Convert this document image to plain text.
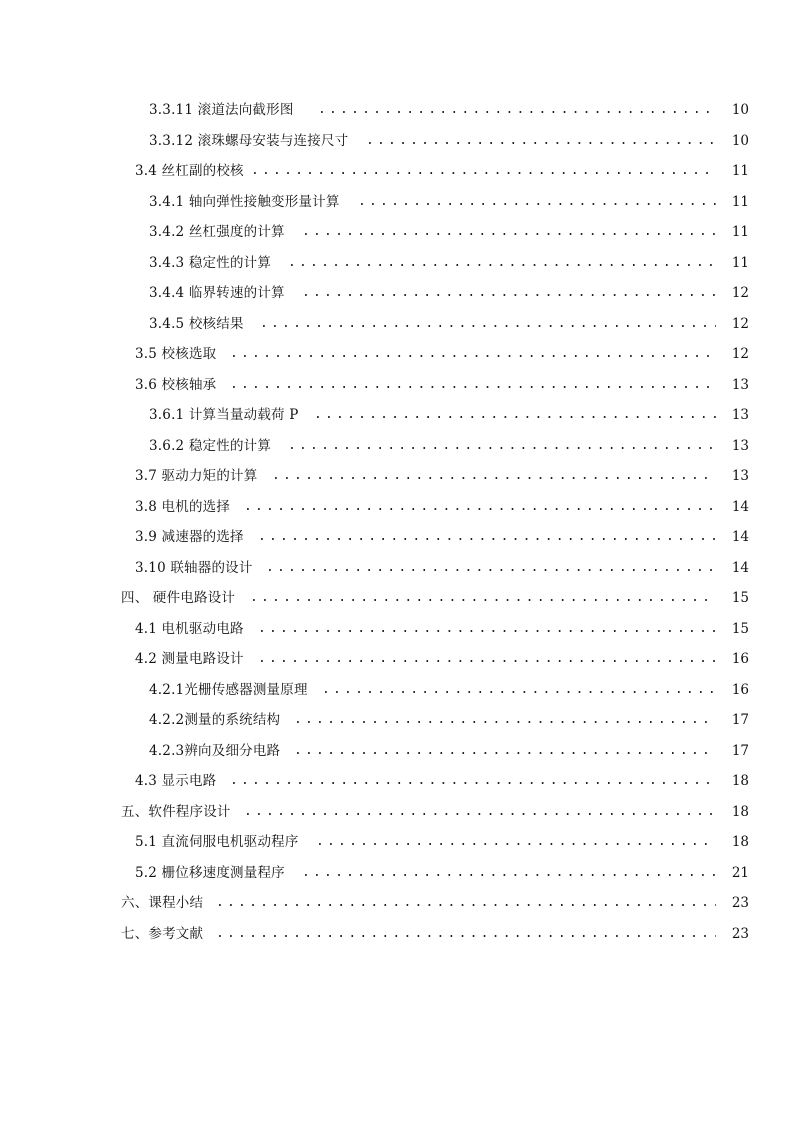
3.3.11 滚道法向截形图 .....	10
3.3.12 滚珠螺母安装与连接尺寸 .....	10
3.4 丝杠副的校核 .....	11
3.4.1 轴向弹性接触变形量计算 .....	11
3.4.2 丝杠强度的计算 .....	11
3.4.3 稳定性的计算 .....	11
3.4.4 临界转速的计算 .....	12
3.4.5 校核结果 .....	12
3.5 校核选取 .....	12
3.6 校核轴承 .....	13
3.6.1 计算当量动载荷 P .....	13
3.6.2 稳定性的计算 .....	13
3.7 驱动力矩的计算 .....	13
3.8 电机的选择 .....	14
3.9 减速器的选择 .....	14
3.10 联轴器的设计 .....	14
四、 硬件电路设计 .....	15
4.1 电机驱动电路 .....	15
4.2 测量电路设计 .....	16
4.2.1光栅传感器测量原理 .....	16
4.2.2测量的系统结构 .....	17
4.2.3辨向及细分电路 .....	17
4.3 显示电路 .....	18
五、软件程序设计 .....	18
5.1 直流伺服电机驱动程序 .....	18
5.2 栅位移速度测量程序 .....	21
六、课程小结 .....	23
七、参考文献 .....	23
